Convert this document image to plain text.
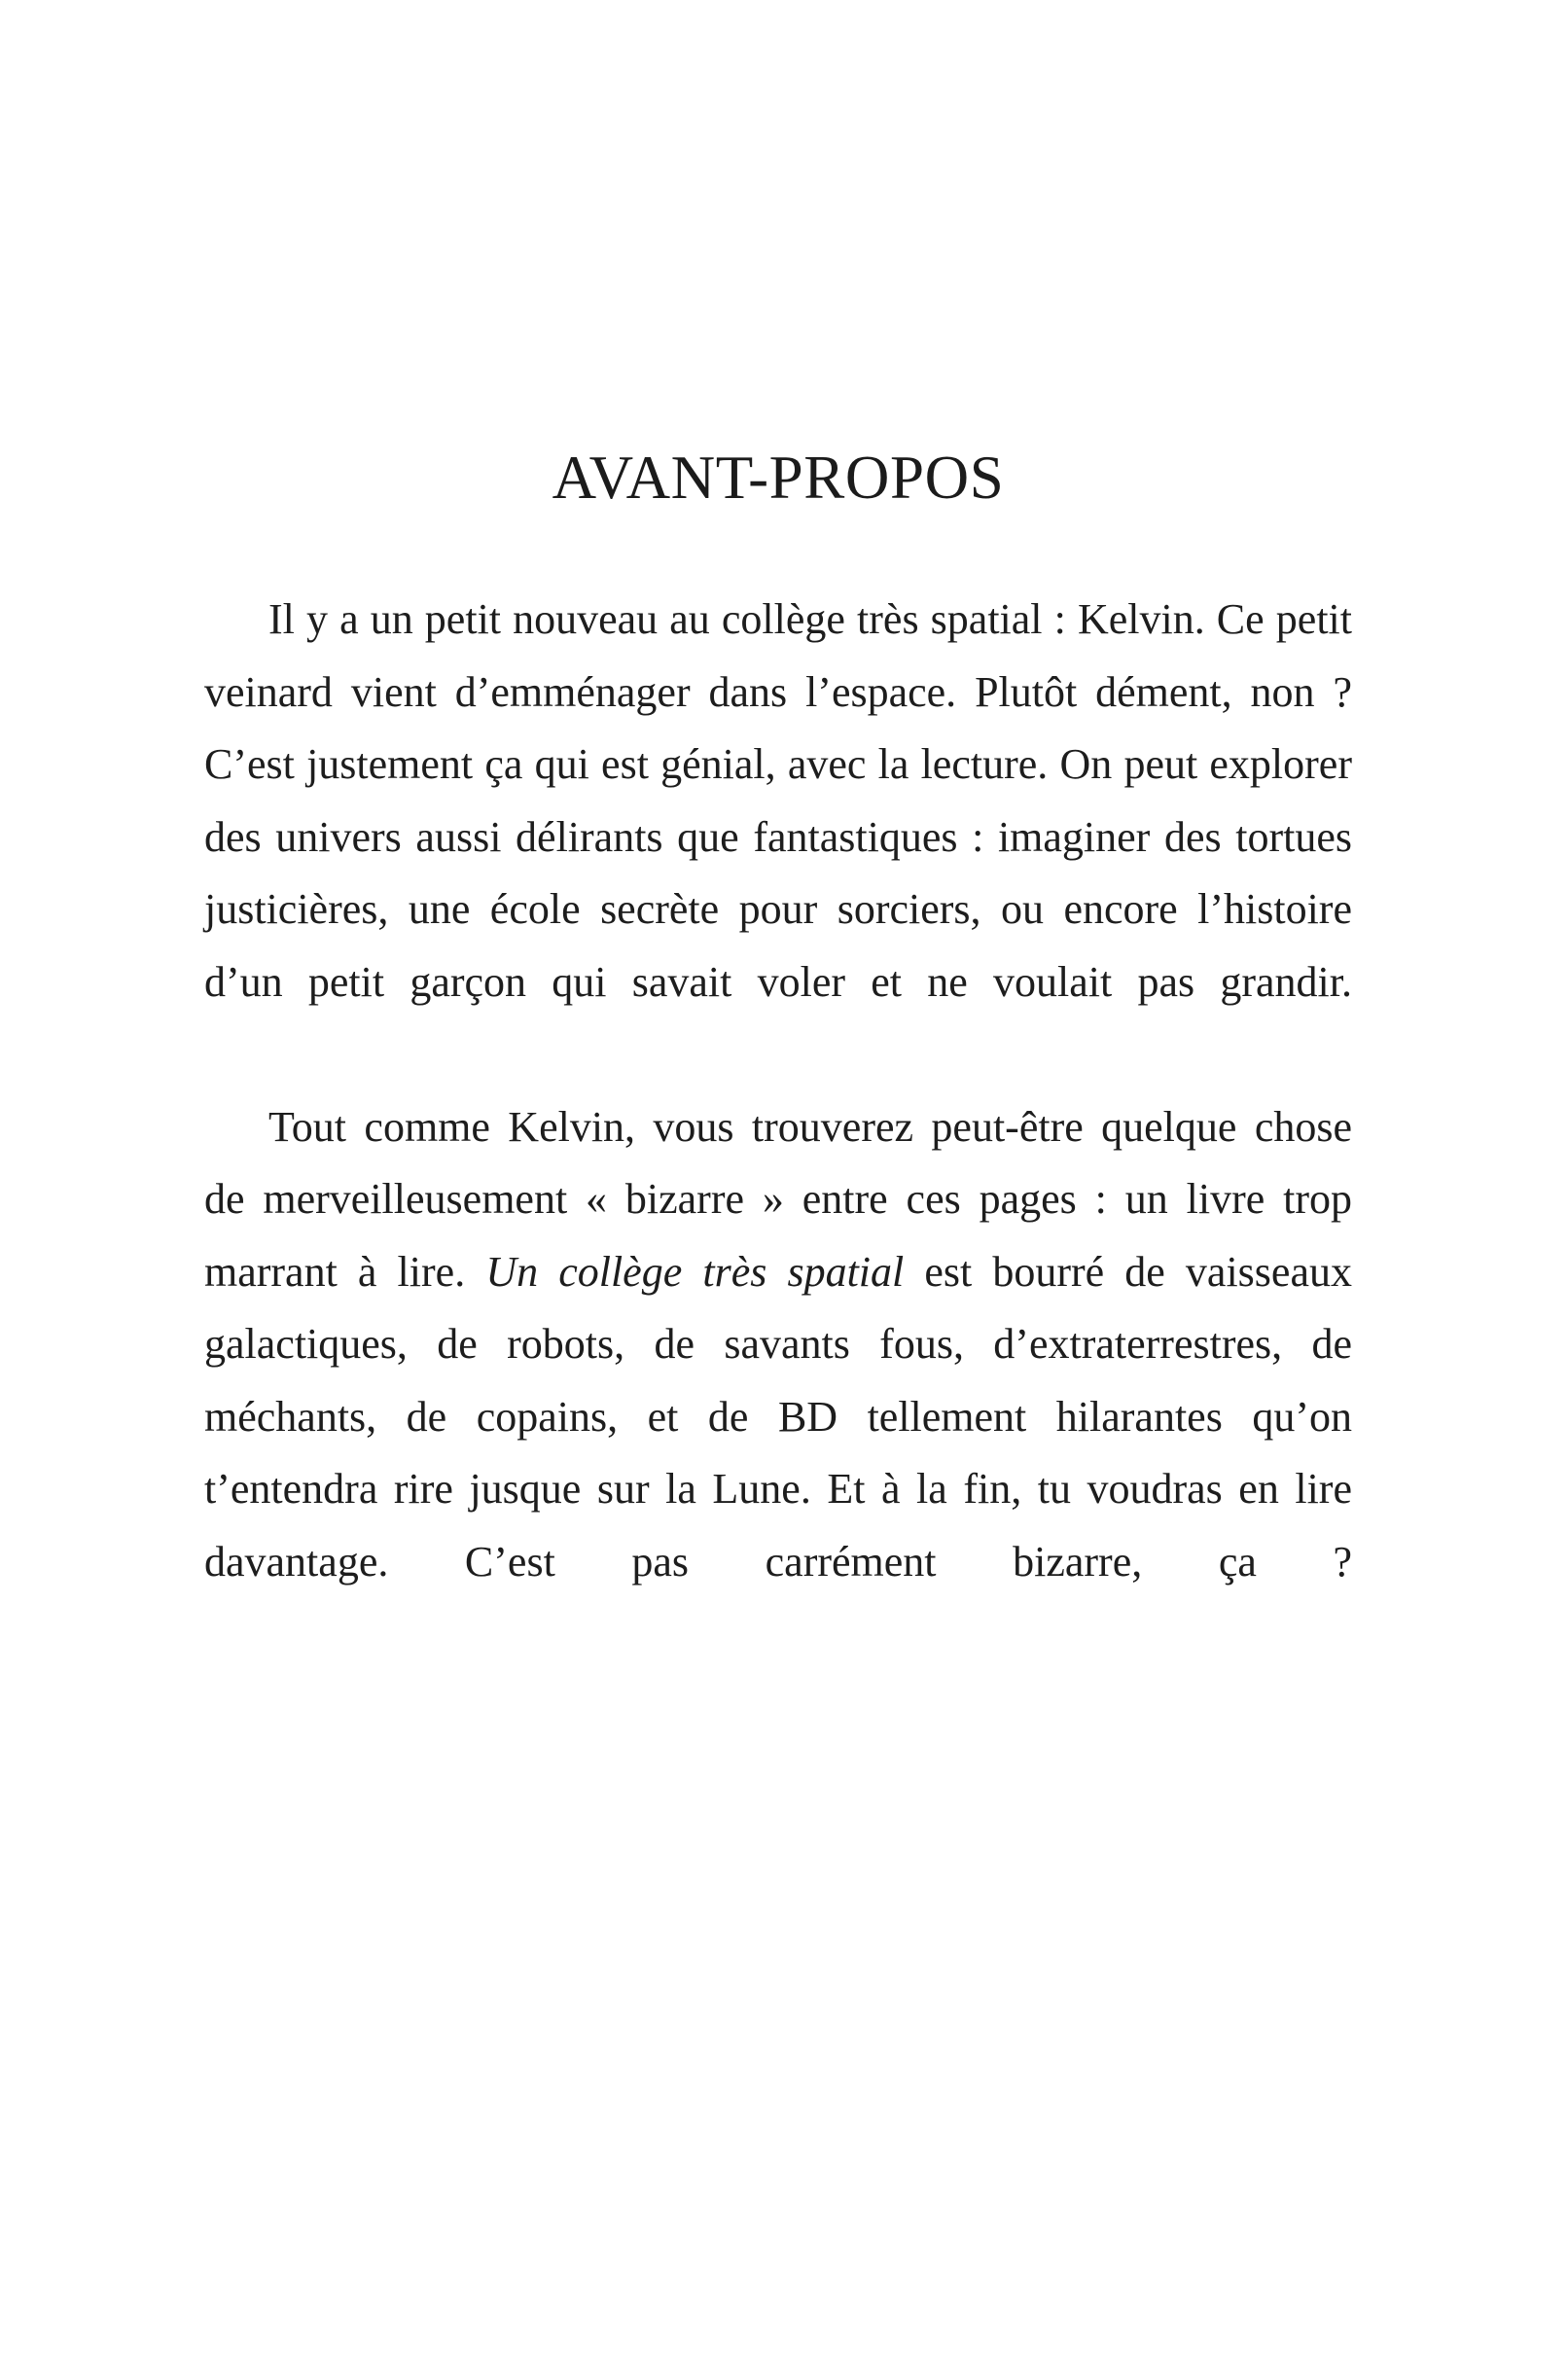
AVANT-PROPOS

Il y a un petit nouveau au collège très spatial : Kelvin. Ce petit veinard vient d’emménager dans l’espace. Plutôt dément, non ? C’est justement ça qui est génial, avec la lecture. On peut explorer des univers aussi délirants que fantastiques : imaginer des tortues justicières, une école secrète pour sorciers, ou encore l’histoire d’un petit garçon qui savait voler et ne voulait pas grandir.

Tout comme Kelvin, vous trouverez peut-être quelque chose de merveilleusement « bizarre » entre ces pages : un livre trop marrant à lire. Un collège très spatial est bourré de vaisseaux galactiques, de robots, de savants fous, d’extraterrestres, de méchants, de copains, et de BD tellement hilarantes qu’on t’entendra rire jusque sur la Lune. Et à la fin, tu voudras en lire davantage. C’est pas carrément bizarre, ça ?
